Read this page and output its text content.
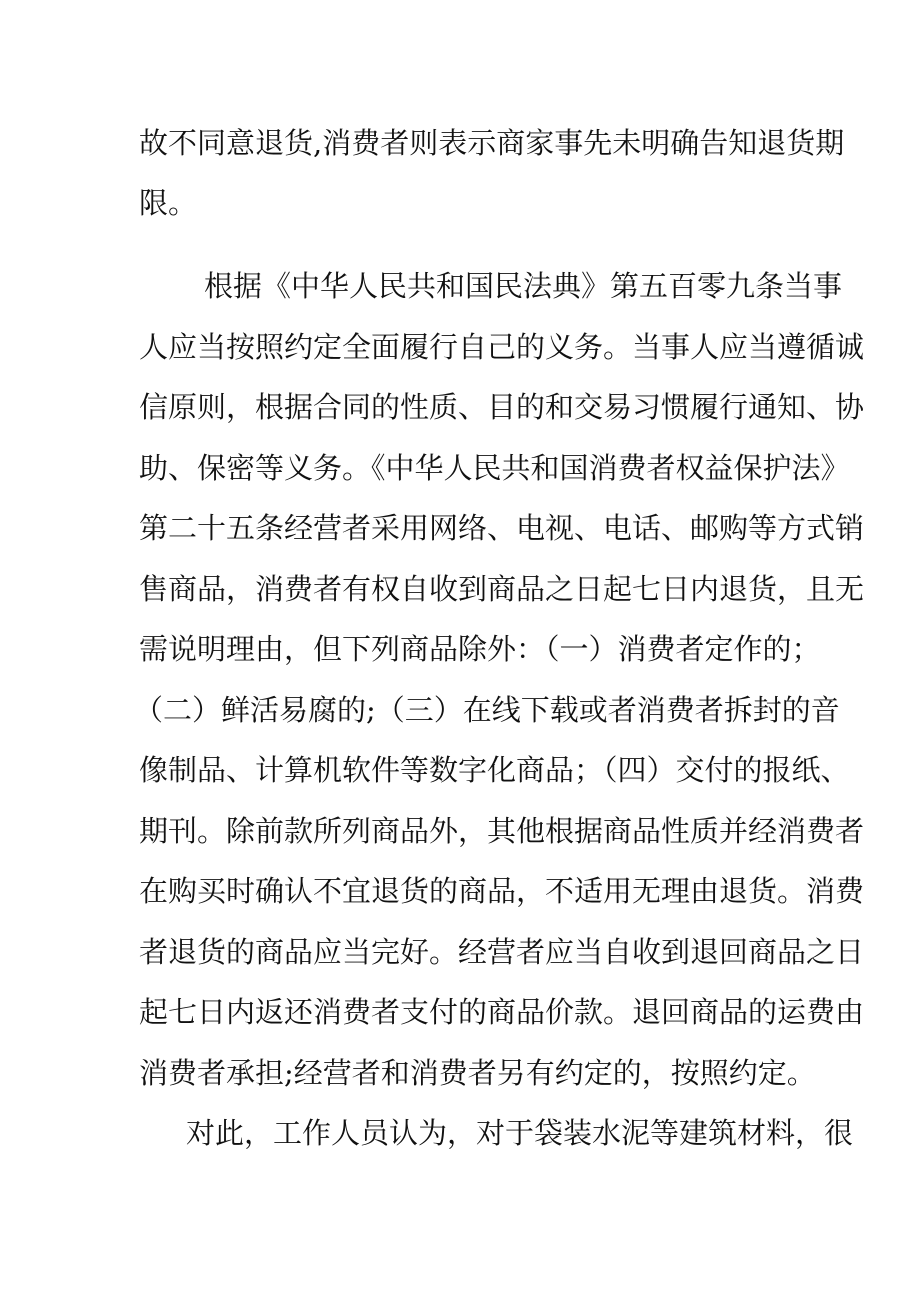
故不同意退货,消费者则表示商家事先未明确告知退货期

限。

根据《中华人民共和国民法典》第五百零九条当事

人应当按照约定全面履行自己的义务。当事人应当遵循诚

信原则，根据合同的性质、目的和交易习惯履行通知、协

助、保密等义务。《中华人民共和国消费者权益保护法》

第二十五条经营者采用网络、电视、电话、邮购等方式销

售商品，消费者有权自收到商品之日起七日内退货，且无

需说明理由，但下列商品除外：（一）消费者定作的；

（二）鲜活易腐的;（三）在线下载或者消费者拆封的音

像制品、计算机软件等数字化商品；（四）交付的报纸、

期刊。除前款所列商品外，其他根据商品性质并经消费者

在购买时确认不宜退货的商品，不适用无理由退货。消费

者退货的商品应当完好。经营者应当自收到退回商品之日

起七日内返还消费者支付的商品价款。退回商品的运费由

消费者承担;经营者和消费者另有约定的，按照约定。

对此，工作人员认为，对于袋装水泥等建筑材料，很
